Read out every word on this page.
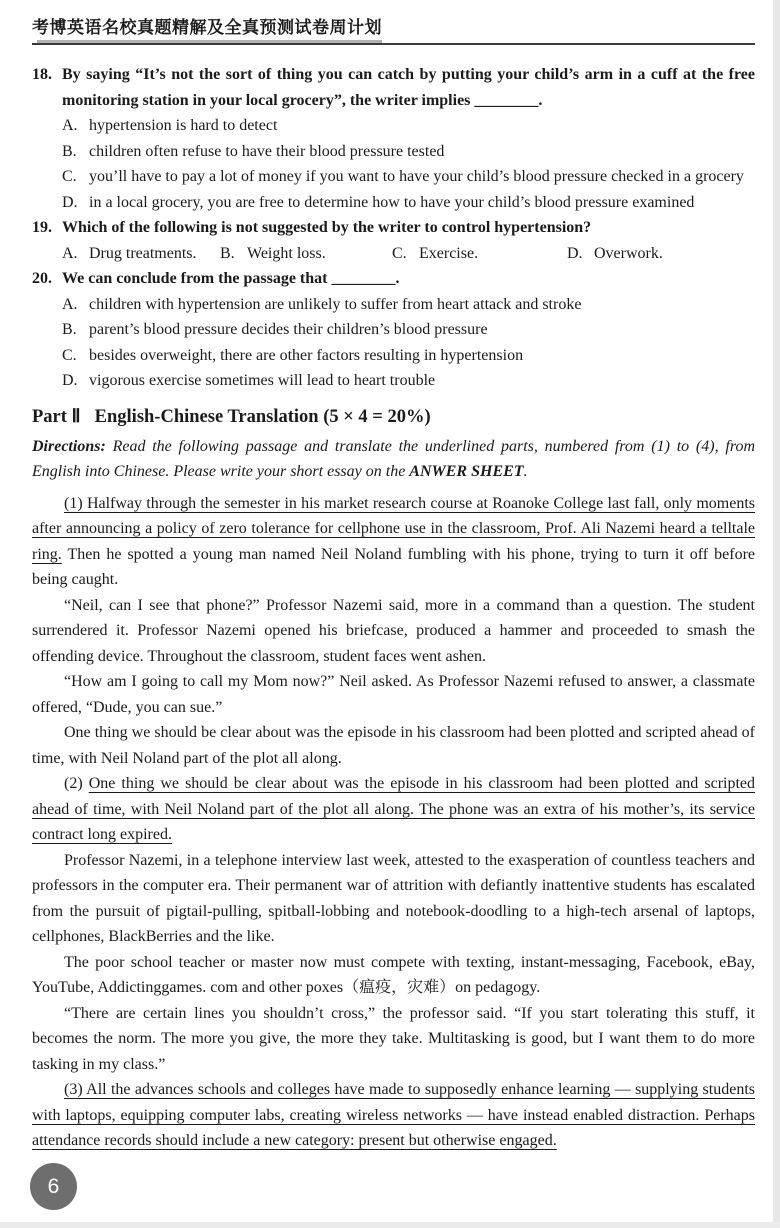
考博英语名校真题精解及全真预测试卷周计划
18. By saying “It’s not the sort of thing you can catch by putting your child’s arm in a cuff at the free monitoring station in your local grocery”, the writer implies ________.
A. hypertension is hard to detect
B. children often refuse to have their blood pressure tested
C. you’ll have to pay a lot of money if you want to have your child’s blood pressure checked in a grocery
D. in a local grocery, you are free to determine how to have your child’s blood pressure examined
19. Which of the following is not suggested by the writer to control hypertension?
A. Drug treatments.	B. Weight loss.	C. Exercise.	D. Overwork.
20. We can conclude from the passage that ________.
A. children with hypertension are unlikely to suffer from heart attack and stroke
B. parent’s blood pressure decides their children’s blood pressure
C. besides overweight, there are other factors resulting in hypertension
D. vigorous exercise sometimes will lead to heart trouble
Part Ⅱ English-Chinese Translation (5 × 4 = 20%)
Directions: Read the following passage and translate the underlined parts, numbered from (1) to (4), from English into Chinese. Please write your short essay on the ANWER SHEET.

(1) Halfway through the semester in his market research course at Roanoke College last fall, only moments after announcing a policy of zero tolerance for cellphone use in the classroom, Prof. Ali Nazemi heard a telltale ring. Then he spotted a young man named Neil Noland fumbling with his phone, trying to turn it off before being caught.

“Neil, can I see that phone?” Professor Nazemi said, more in a command than a question. The student surrendered it. Professor Nazemi opened his briefcase, produced a hammer and proceeded to smash the offending device. Throughout the classroom, student faces went ashen.

“How am I going to call my Mom now?” Neil asked. As Professor Nazemi refused to answer, a classmate offered, “Dude, you can sue.”

One thing we should be clear about was the episode in his classroom had been plotted and scripted ahead of time, with Neil Noland part of the plot all along.

(2) One thing we should be clear about was the episode in his classroom had been plotted and scripted ahead of time, with Neil Noland part of the plot all along. The phone was an extra of his mother’s, its service contract long expired.

Professor Nazemi, in a telephone interview last week, attested to the exasperation of countless teachers and professors in the computer era. Their permanent war of attrition with defiantly inattentive students has escalated from the pursuit of pigtail-pulling, spitball-lobbing and notebook-doodling to a high-tech arsenal of laptops, cellphones, BlackBerries and the like.

The poor school teacher or master now must compete with texting, instant-messaging, Facebook, eBay, YouTube, Addictinggames. com and other poxes（瘟疫，灾难）on pedagogy.

“There are certain lines you shouldn’t cross,” the professor said. “If you start tolerating this stuff, it becomes the norm. The more you give, the more they take. Multitasking is good, but I want them to do more tasking in my class.”

(3) All the advances schools and colleges have made to supposedly enhance learning — supplying students with laptops, equipping computer labs, creating wireless networks — have instead enabled distraction. Perhaps attendance records should include a new category: present but otherwise engaged.

6
